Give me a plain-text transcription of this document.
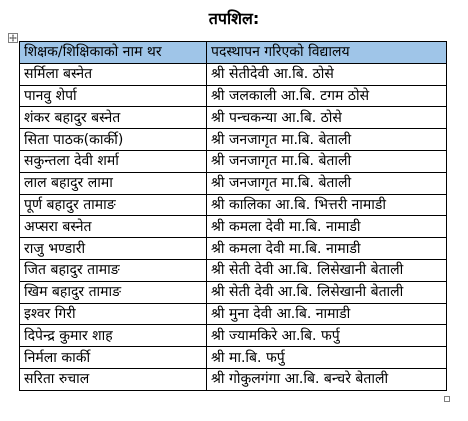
तपशिल:
शिक्षक/शिक्षिकाको नाम थर	पदस्थापन गरिएको विद्यालय
सर्मिला बस्नेत	श्री सेतीदेवी आ.बि. ठोसे
पानवु शेर्पा	श्री जलकाली आ.बि. टगम ठोसे
शंकर बहादुर बस्नेत	श्री पन्चकन्या आ.बि. ठोसे
सिता पाठक(कार्की)	श्री जनजागृत मा.बि. बेताली
सकुन्तला देवी शर्मा	श्री जनजागृत मा.बि. बेताली
लाल बहादुर लामा	श्री जनजागृत मा.बि. बेताली
पूर्ण बहादुर तामाङ	श्री कालिका आ.बि. भित्तरी नामाडी
अप्सरा बस्नेत	श्री कमला देवी मा.बि. नामाडी
राजु भण्डारी	श्री कमला देवी मा.बि. नामाडी
जित बहादुर तामाङ	श्री सेती देवी आ.बि. लिसेखानी बेताली
खिम बहादुर तामाङ	श्री सेती देवी आ.बि. लिसेखानी बेताली
इश्वर गिरी	श्री मुना देवी आ.बि. नामाडी
दिपेन्द्र कुमार शाह	श्री ज्यामकिरे आ.बि. फर्पु
निर्मला कार्की	श्री मा.बि. फर्पु
सरिता रुचाल	श्री गोकुलगंगा आ.बि. बन्चरे बेताली
